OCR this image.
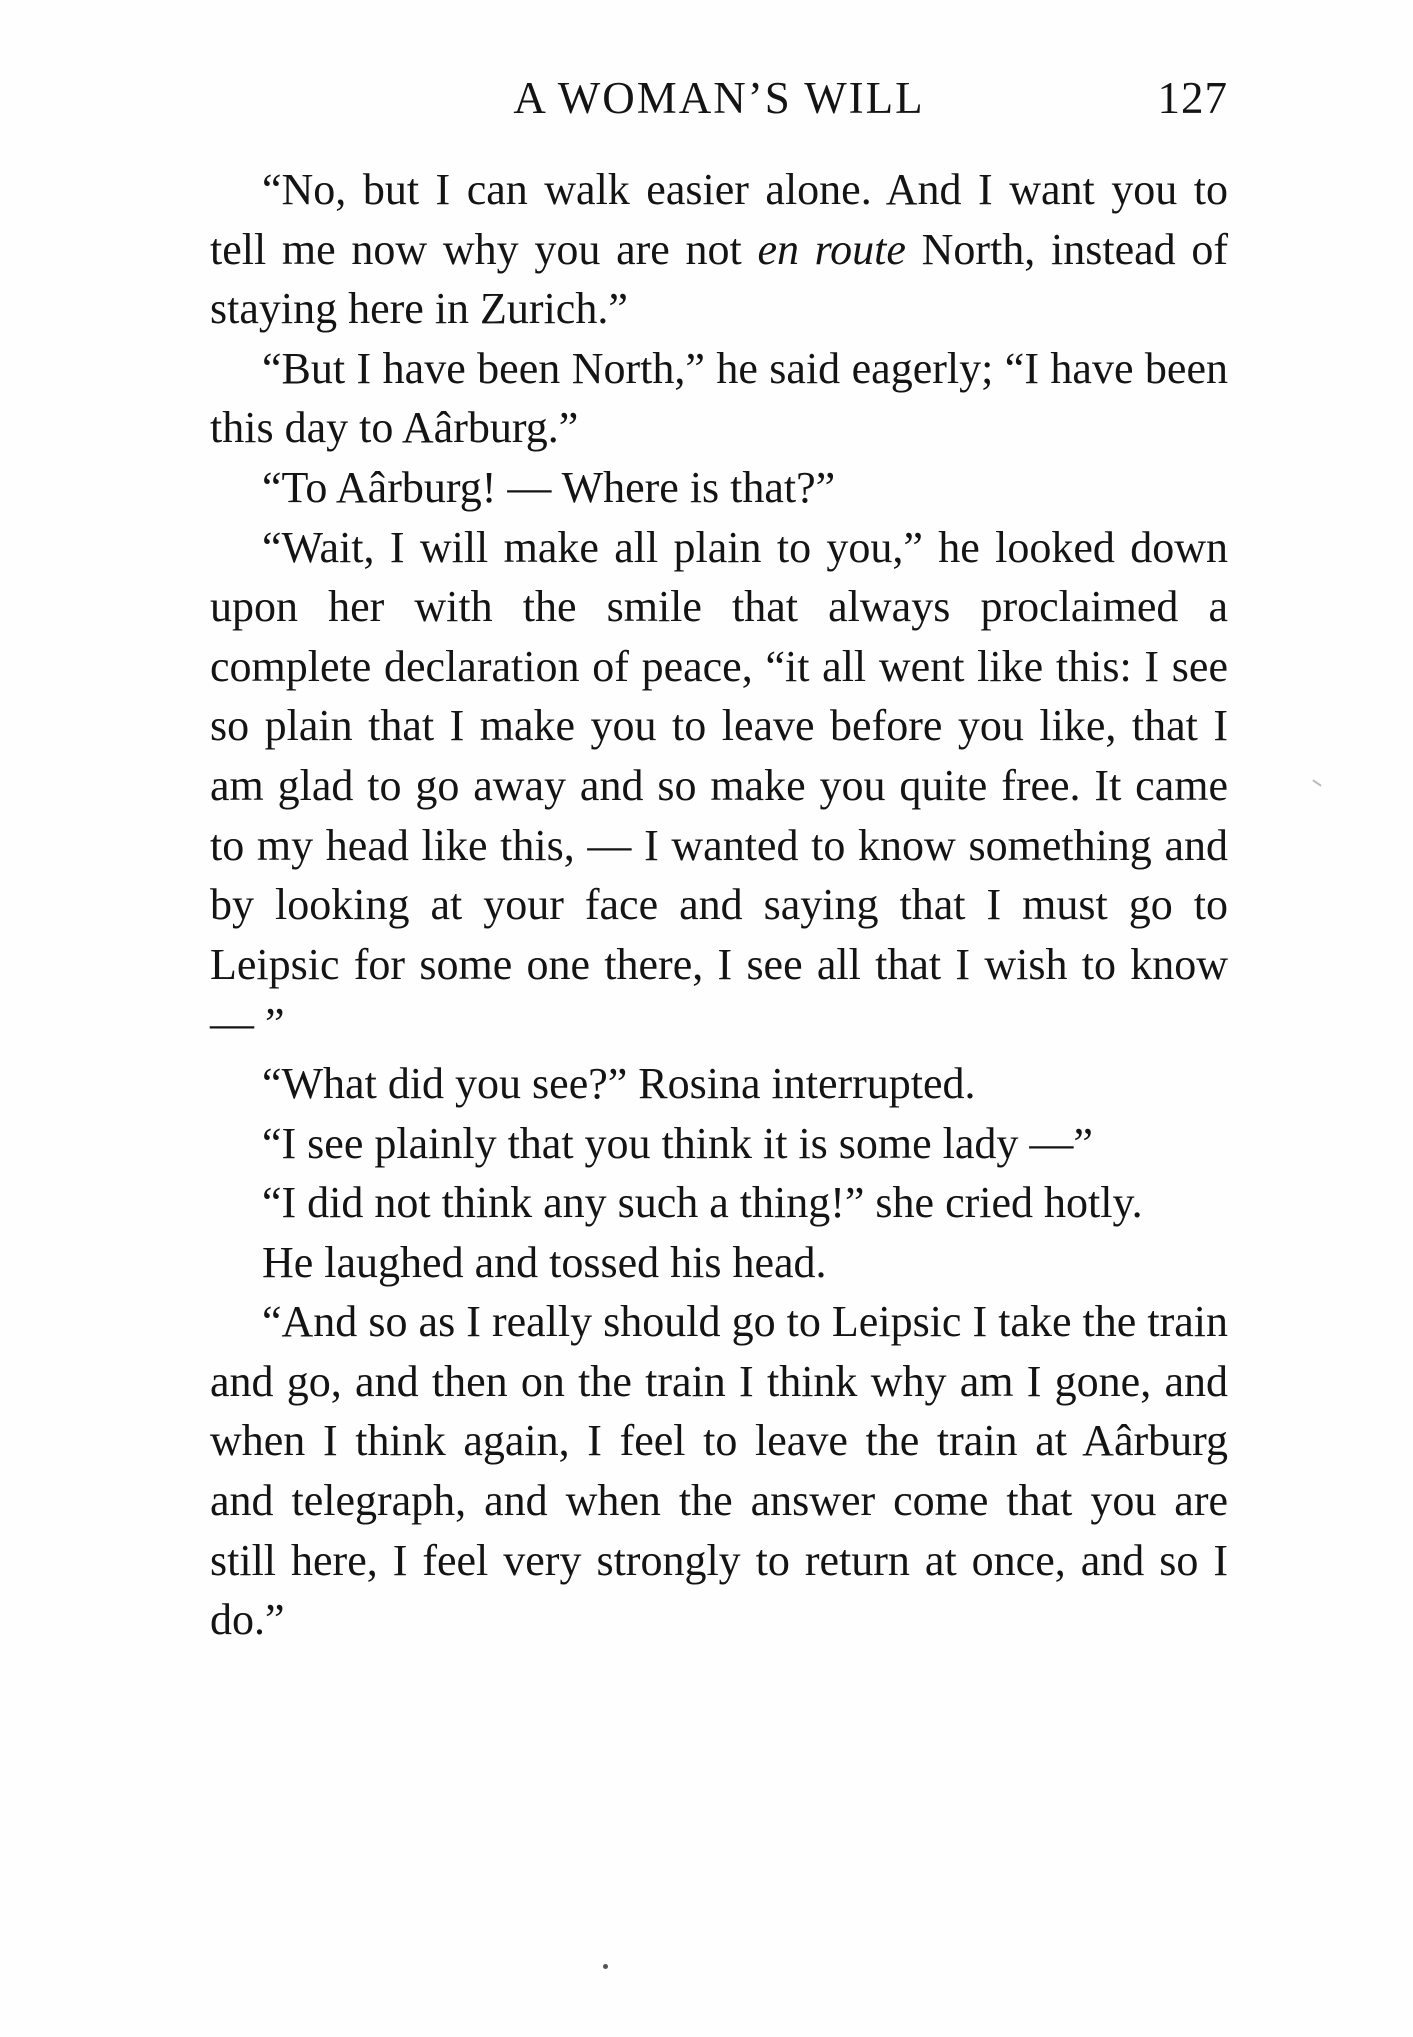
A WOMAN’S WILL	127

“No, but I can walk easier alone. And I want you to tell me now why you are not en route North, instead of staying here in Zurich.”

“But I have been North,” he said eagerly; “I have been this day to Aârburg.”

“To Aârburg! — Where is that?”

“Wait, I will make all plain to you,” he looked down upon her with the smile that always proclaimed a complete declaration of peace, “it all went like this: I see so plain that I make you to leave before you like, that I am glad to go away and so make you quite free. It came to my head like this, — I wanted to know something and by looking at your face and saying that I must go to Leipsic for some one there, I see all that I wish to know — ”

“What did you see?” Rosina interrupted.

“I see plainly that you think it is some lady —”

“I did not think any such a thing!” she cried hotly.

He laughed and tossed his head.

“And so as I really should go to Leipsic I take the train and go, and then on the train I think why am I gone, and when I think again, I feel to leave the train at Aârburg and telegraph, and when the answer come that you are still here, I feel very strongly to return at once, and so I do.”
